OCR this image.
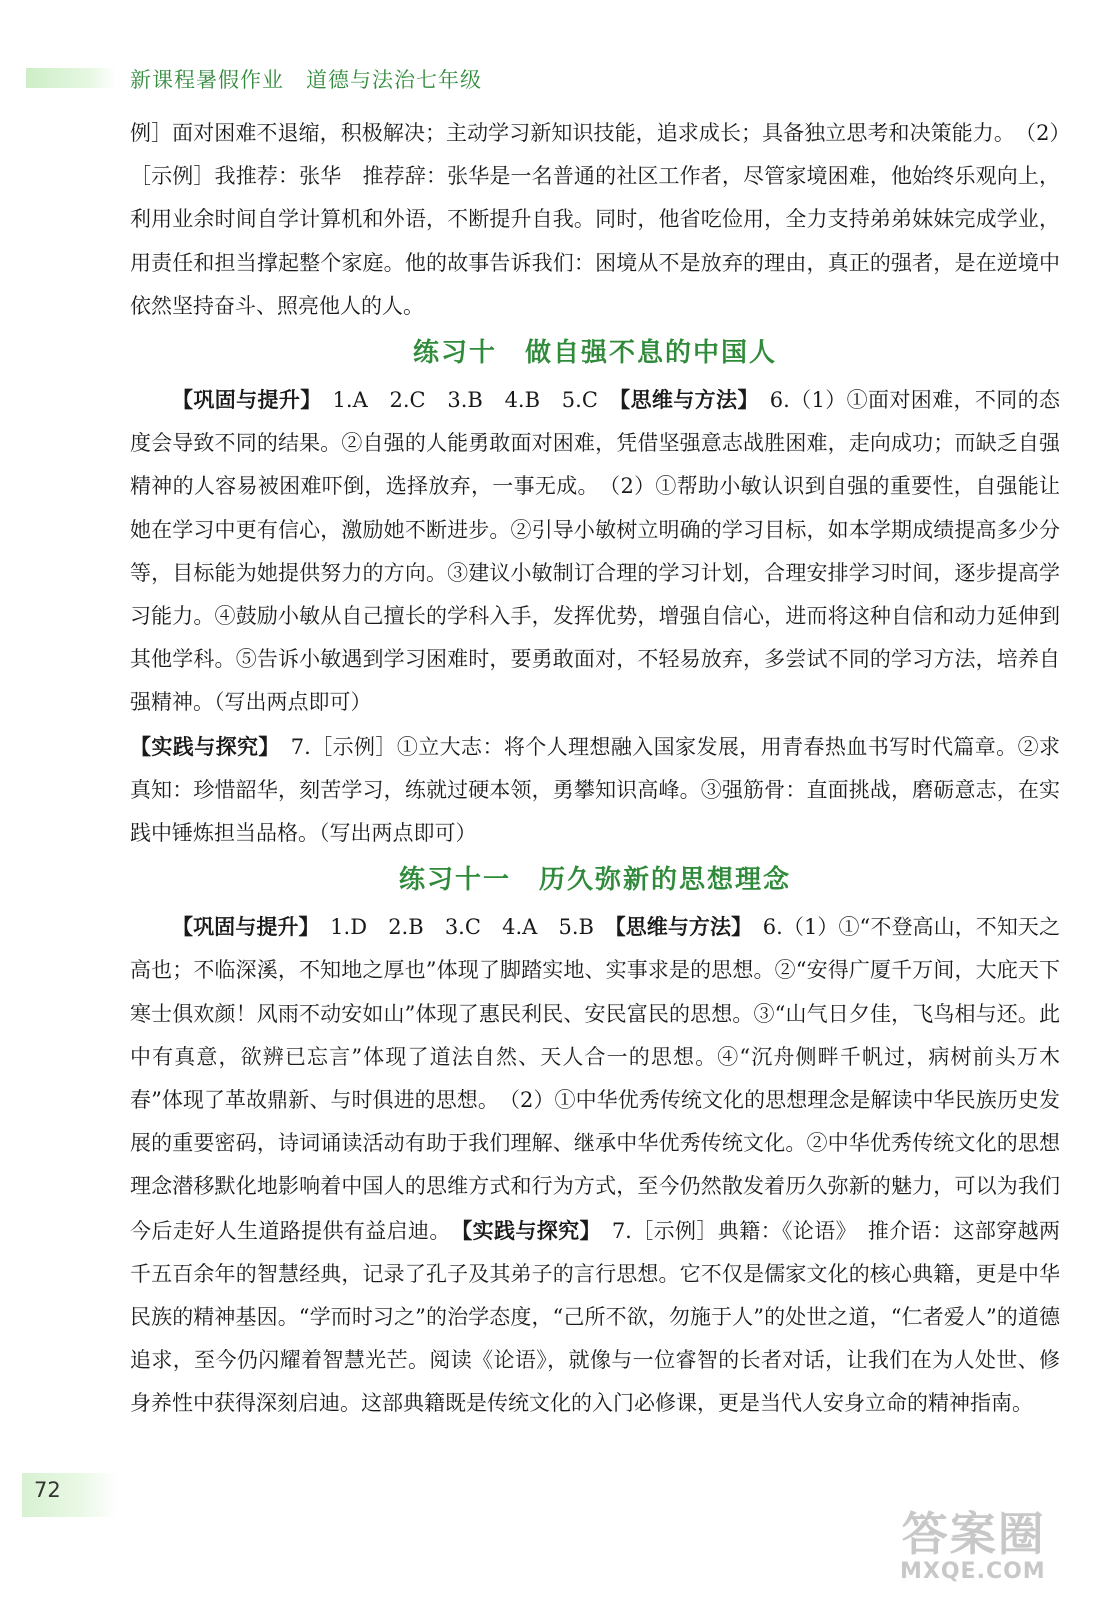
新课程暑假作业　道德与法治七年级

例］面对困难不退缩，积极解决；主动学习新知识技能，追求成长；具备独立思考和决策能力。　（2）［示例］我推荐：张华　推荐辞：张华是一名普通的社区工作者，尽管家境困难，他始终乐观向上，利用业余时间自学计算机和外语，不断提升自我。同时，他省吃俭用，全力支持弟弟妹妹完成学业，用责任和担当撑起整个家庭。他的故事告诉我们：困境从不是放弃的理由，真正的强者，是在逆境中依然坚持奋斗、照亮他人的人。

练习十　做自强不息的中国人

【巩固与提升】　1.A　2.C　3.B　4.B　5.C　【思维与方法】　6.（1）①面对困难，不同的态度会导致不同的结果。②自强的人能勇敢面对困难，凭借坚强意志战胜困难，走向成功；而缺乏自强精神的人容易被困难吓倒，选择放弃，一事无成。　（2）①帮助小敏认识到自强的重要性，自强能让她在学习中更有信心，激励她不断进步。②引导小敏树立明确的学习目标，如本学期成绩提高多少分等，目标能为她提供努力的方向。③建议小敏制订合理的学习计划，合理安排学习时间，逐步提高学习能力。④鼓励小敏从自己擅长的学科入手，发挥优势，增强自信心，进而将这种自信和动力延伸到其他学科。⑤告诉小敏遇到学习困难时，要勇敢面对，不轻易放弃，多尝试不同的学习方法，培养自强精神。（写出两点即可）

【实践与探究】　7.［示例］①立大志：将个人理想融入国家发展，用青春热血书写时代篇章。②求真知：珍惜韶华，刻苦学习，练就过硬本领，勇攀知识高峰。③强筋骨：直面挑战，磨砺意志，在实践中锤炼担当品格。（写出两点即可）

练习十一　历久弥新的思想理念

【巩固与提升】　1.D　2.B　3.C　4.A　5.B　【思维与方法】　6.（1）①“不登高山，不知天之高也；不临深溪，不知地之厚也”体现了脚踏实地、实事求是的思想。②“安得广厦千万间，大庇天下寒士俱欢颜！风雨不动安如山”体现了惠民利民、安民富民的思想。③“山气日夕佳，飞鸟相与还。此中有真意，欲辨已忘言”体现了道法自然、天人合一的思想。④“沉舟侧畔千帆过，病树前头万木春”体现了革故鼎新、与时俱进的思想。　（2）①中华优秀传统文化的思想理念是解读中华民族历史发展的重要密码，诗词诵读活动有助于我们理解、继承中华优秀传统文化。②中华优秀传统文化的思想理念潜移默化地影响着中国人的思维方式和行为方式，至今仍然散发着历久弥新的魅力，可以为我们今后走好人生道路提供有益启迪。　【实践与探究】　7.［示例］典籍：《论语》　推介语：这部穿越两千五百余年的智慧经典，记录了孔子及其弟子的言行思想。它不仅是儒家文化的核心典籍，更是中华民族的精神基因。“学而时习之”的治学态度，“己所不欲，勿施于人”的处世之道，“仁者爱人”的道德追求，至今仍闪耀着智慧光芒。阅读《论语》，就像与一位睿智的长者对话，让我们在为人处世、修身养性中获得深刻启迪。这部典籍既是传统文化的入门必修课，更是当代人安身立命的精神指南。

72
答案圈
MXQE.COM
